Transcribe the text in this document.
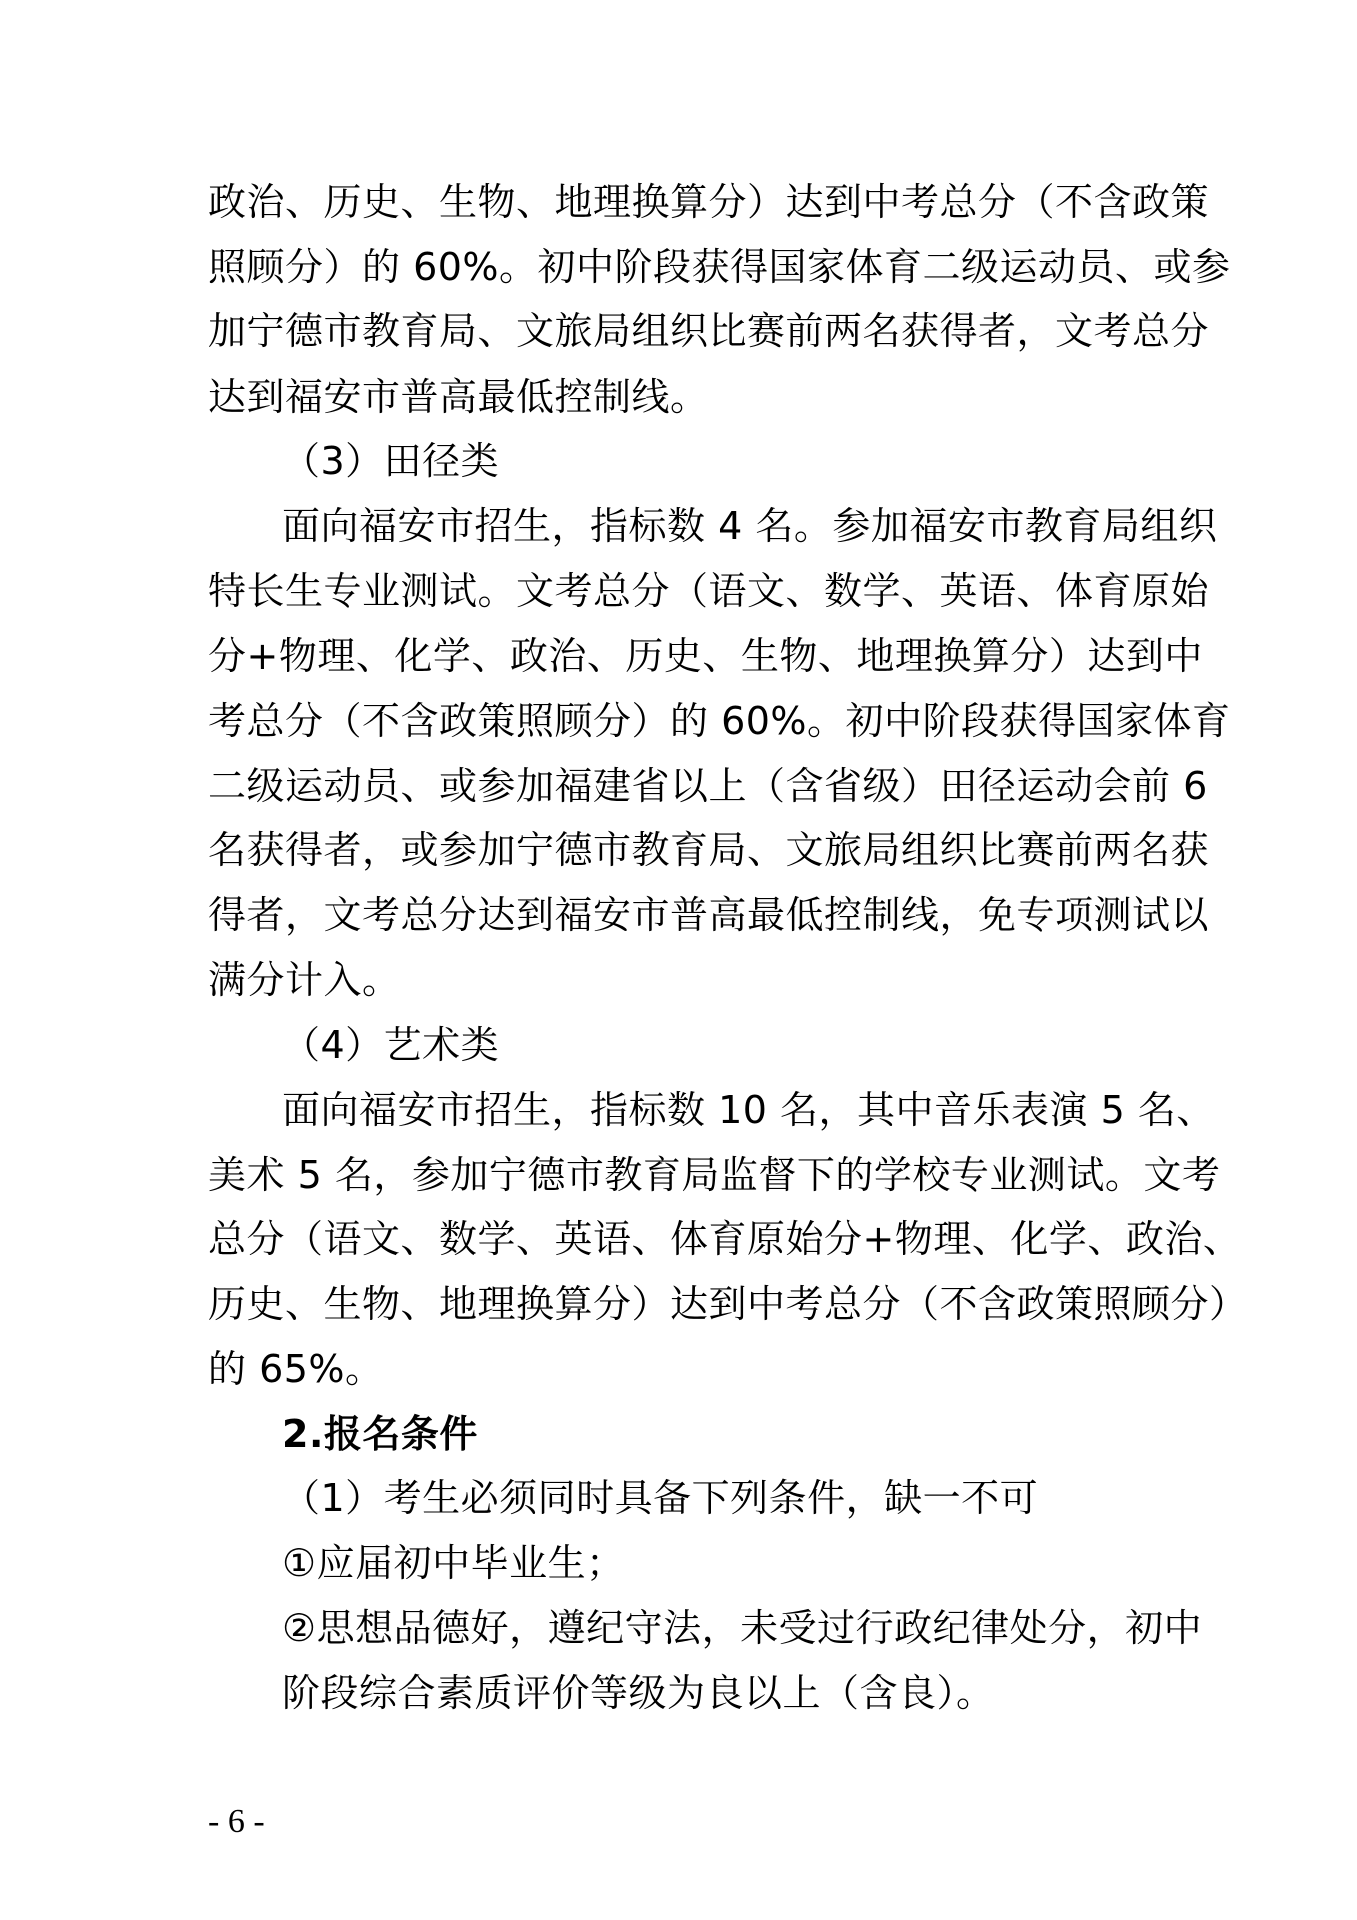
政治、历史、生物、地理换算分）达到中考总分（不含政策
照顾分）的 60%。初中阶段获得国家体育二级运动员、或参
加宁德市教育局、文旅局组织比赛前两名获得者，文考总分
达到福安市普高最低控制线。
（3）田径类
面向福安市招生，指标数 4 名。参加福安市教育局组织
特长生专业测试。文考总分（语文、数学、英语、体育原始
分+物理、化学、政治、历史、生物、地理换算分）达到中
考总分（不含政策照顾分）的 60%。初中阶段获得国家体育
二级运动员、或参加福建省以上（含省级）田径运动会前 6
名获得者，或参加宁德市教育局、文旅局组织比赛前两名获
得者，文考总分达到福安市普高最低控制线，免专项测试以
满分计入。
（4）艺术类
面向福安市招生，指标数 10 名，其中音乐表演 5 名、
美术 5 名，参加宁德市教育局监督下的学校专业测试。文考
总分（语文、数学、英语、体育原始分+物理、化学、政治、
历史、生物、地理换算分）达到中考总分（不含政策照顾分）
的 65%。
2.报名条件
（1）考生必须同时具备下列条件，缺一不可
①应届初中毕业生；
②思想品德好，遵纪守法，未受过行政纪律处分，初中
阶段综合素质评价等级为良以上（含良）。
- 6 -
